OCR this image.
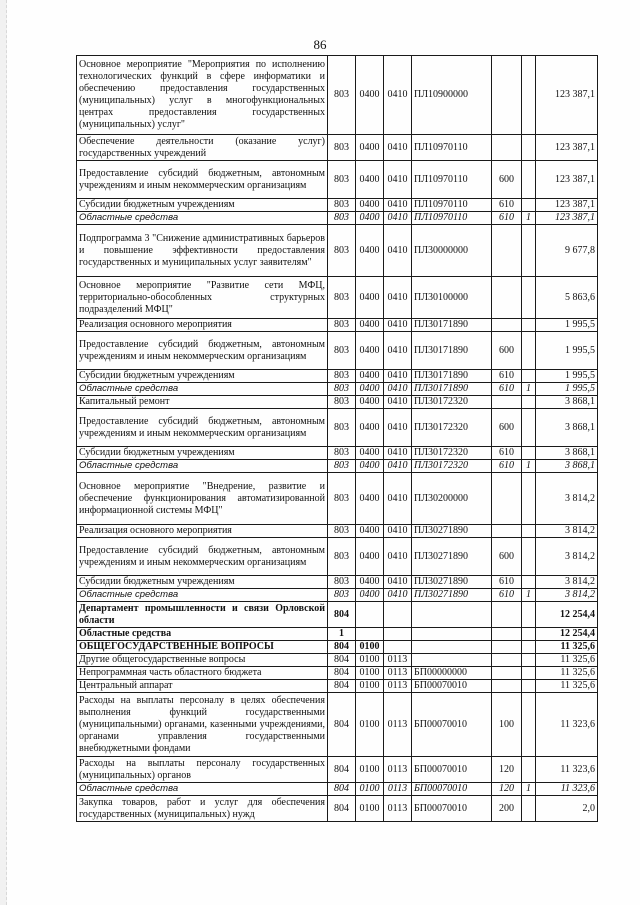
86
Основное мероприятие "Мероприятия по исполнению технологических функций в сфере информатики и обеспечению предоставления государственных (муниципальных) услуг в многофункциональных центрах предоставления государственных (муниципальных) услуг"	803	0400	0410	ПЛ10900000			123 387,1
Обеспечение деятельности (оказание услуг) государственных учреждений	803	0400	0410	ПЛ10970110			123 387,1
Предоставление субсидий бюджетным, автономным учреждениям и иным некоммерческим организациям	803	0400	0410	ПЛ10970110	600		123 387,1
Субсидии бюджетным учреждениям	803	0400	0410	ПЛ10970110	610		123 387,1
Областные средства	803	0400	0410	ПЛ10970110	610	1	123 387,1
Подпрограмма 3 "Снижение административных барьеров и повышение эффективности предоставления государственных и муниципальных услуг заявителям"	803	0400	0410	ПЛ30000000			9 677,8
Основное мероприятие "Развитие сети МФЦ, территориально-обособленных структурных подразделений МФЦ"	803	0400	0410	ПЛ30100000			5 863,6
Реализация основного мероприятия	803	0400	0410	ПЛ30171890			1 995,5
Предоставление субсидий бюджетным, автономным учреждениям и иным некоммерческим организациям	803	0400	0410	ПЛ30171890	600		1 995,5
Субсидии бюджетным учреждениям	803	0400	0410	ПЛ30171890	610		1 995,5
Областные средства	803	0400	0410	ПЛ30171890	610	1	1 995,5
Капитальный ремонт	803	0400	0410	ПЛ30172320			3 868,1
Предоставление субсидий бюджетным, автономным учреждениям и иным некоммерческим организациям	803	0400	0410	ПЛ30172320	600		3 868,1
Субсидии бюджетным учреждениям	803	0400	0410	ПЛ30172320	610		3 868,1
Областные средства	803	0400	0410	ПЛ30172320	610	1	3 868,1
Основное мероприятие "Внедрение, развитие и обеспечение функционирования автоматизированной информационной системы МФЦ"	803	0400	0410	ПЛ30200000			3 814,2
Реализация основного мероприятия	803	0400	0410	ПЛ30271890			3 814,2
Предоставление субсидий бюджетным, автономным учреждениям и иным некоммерческим организациям	803	0400	0410	ПЛ30271890	600		3 814,2
Субсидии бюджетным учреждениям	803	0400	0410	ПЛ30271890	610		3 814,2
Областные средства	803	0400	0410	ПЛ30271890	610	1	3 814,2
Департамент промышленности и связи Орловской области	804						12 254,4
Областные средства	1						12 254,4
ОБЩЕГОСУДАРСТВЕННЫЕ ВОПРОСЫ	804	0100					11 325,6
Другие общегосударственные вопросы	804	0100	0113				11 325,6
Непрограммная часть областного бюджета	804	0100	0113	БП00000000			11 325,6
Центральный аппарат	804	0100	0113	БП00070010			11 325,6
Расходы на выплаты персоналу в целях обеспечения выполнения функций государственными (муниципальными) органами, казенными учреждениями, органами управления государственными внебюджетными фондами	804	0100	0113	БП00070010	100		11 323,6
Расходы на выплаты персоналу государственных (муниципальных) органов	804	0100	0113	БП00070010	120		11 323,6
Областные средства	804	0100	0113	БП00070010	120	1	11 323,6
Закупка товаров, работ и услуг для обеспечения государственных (муниципальных) нужд	804	0100	0113	БП00070010	200		2,0
